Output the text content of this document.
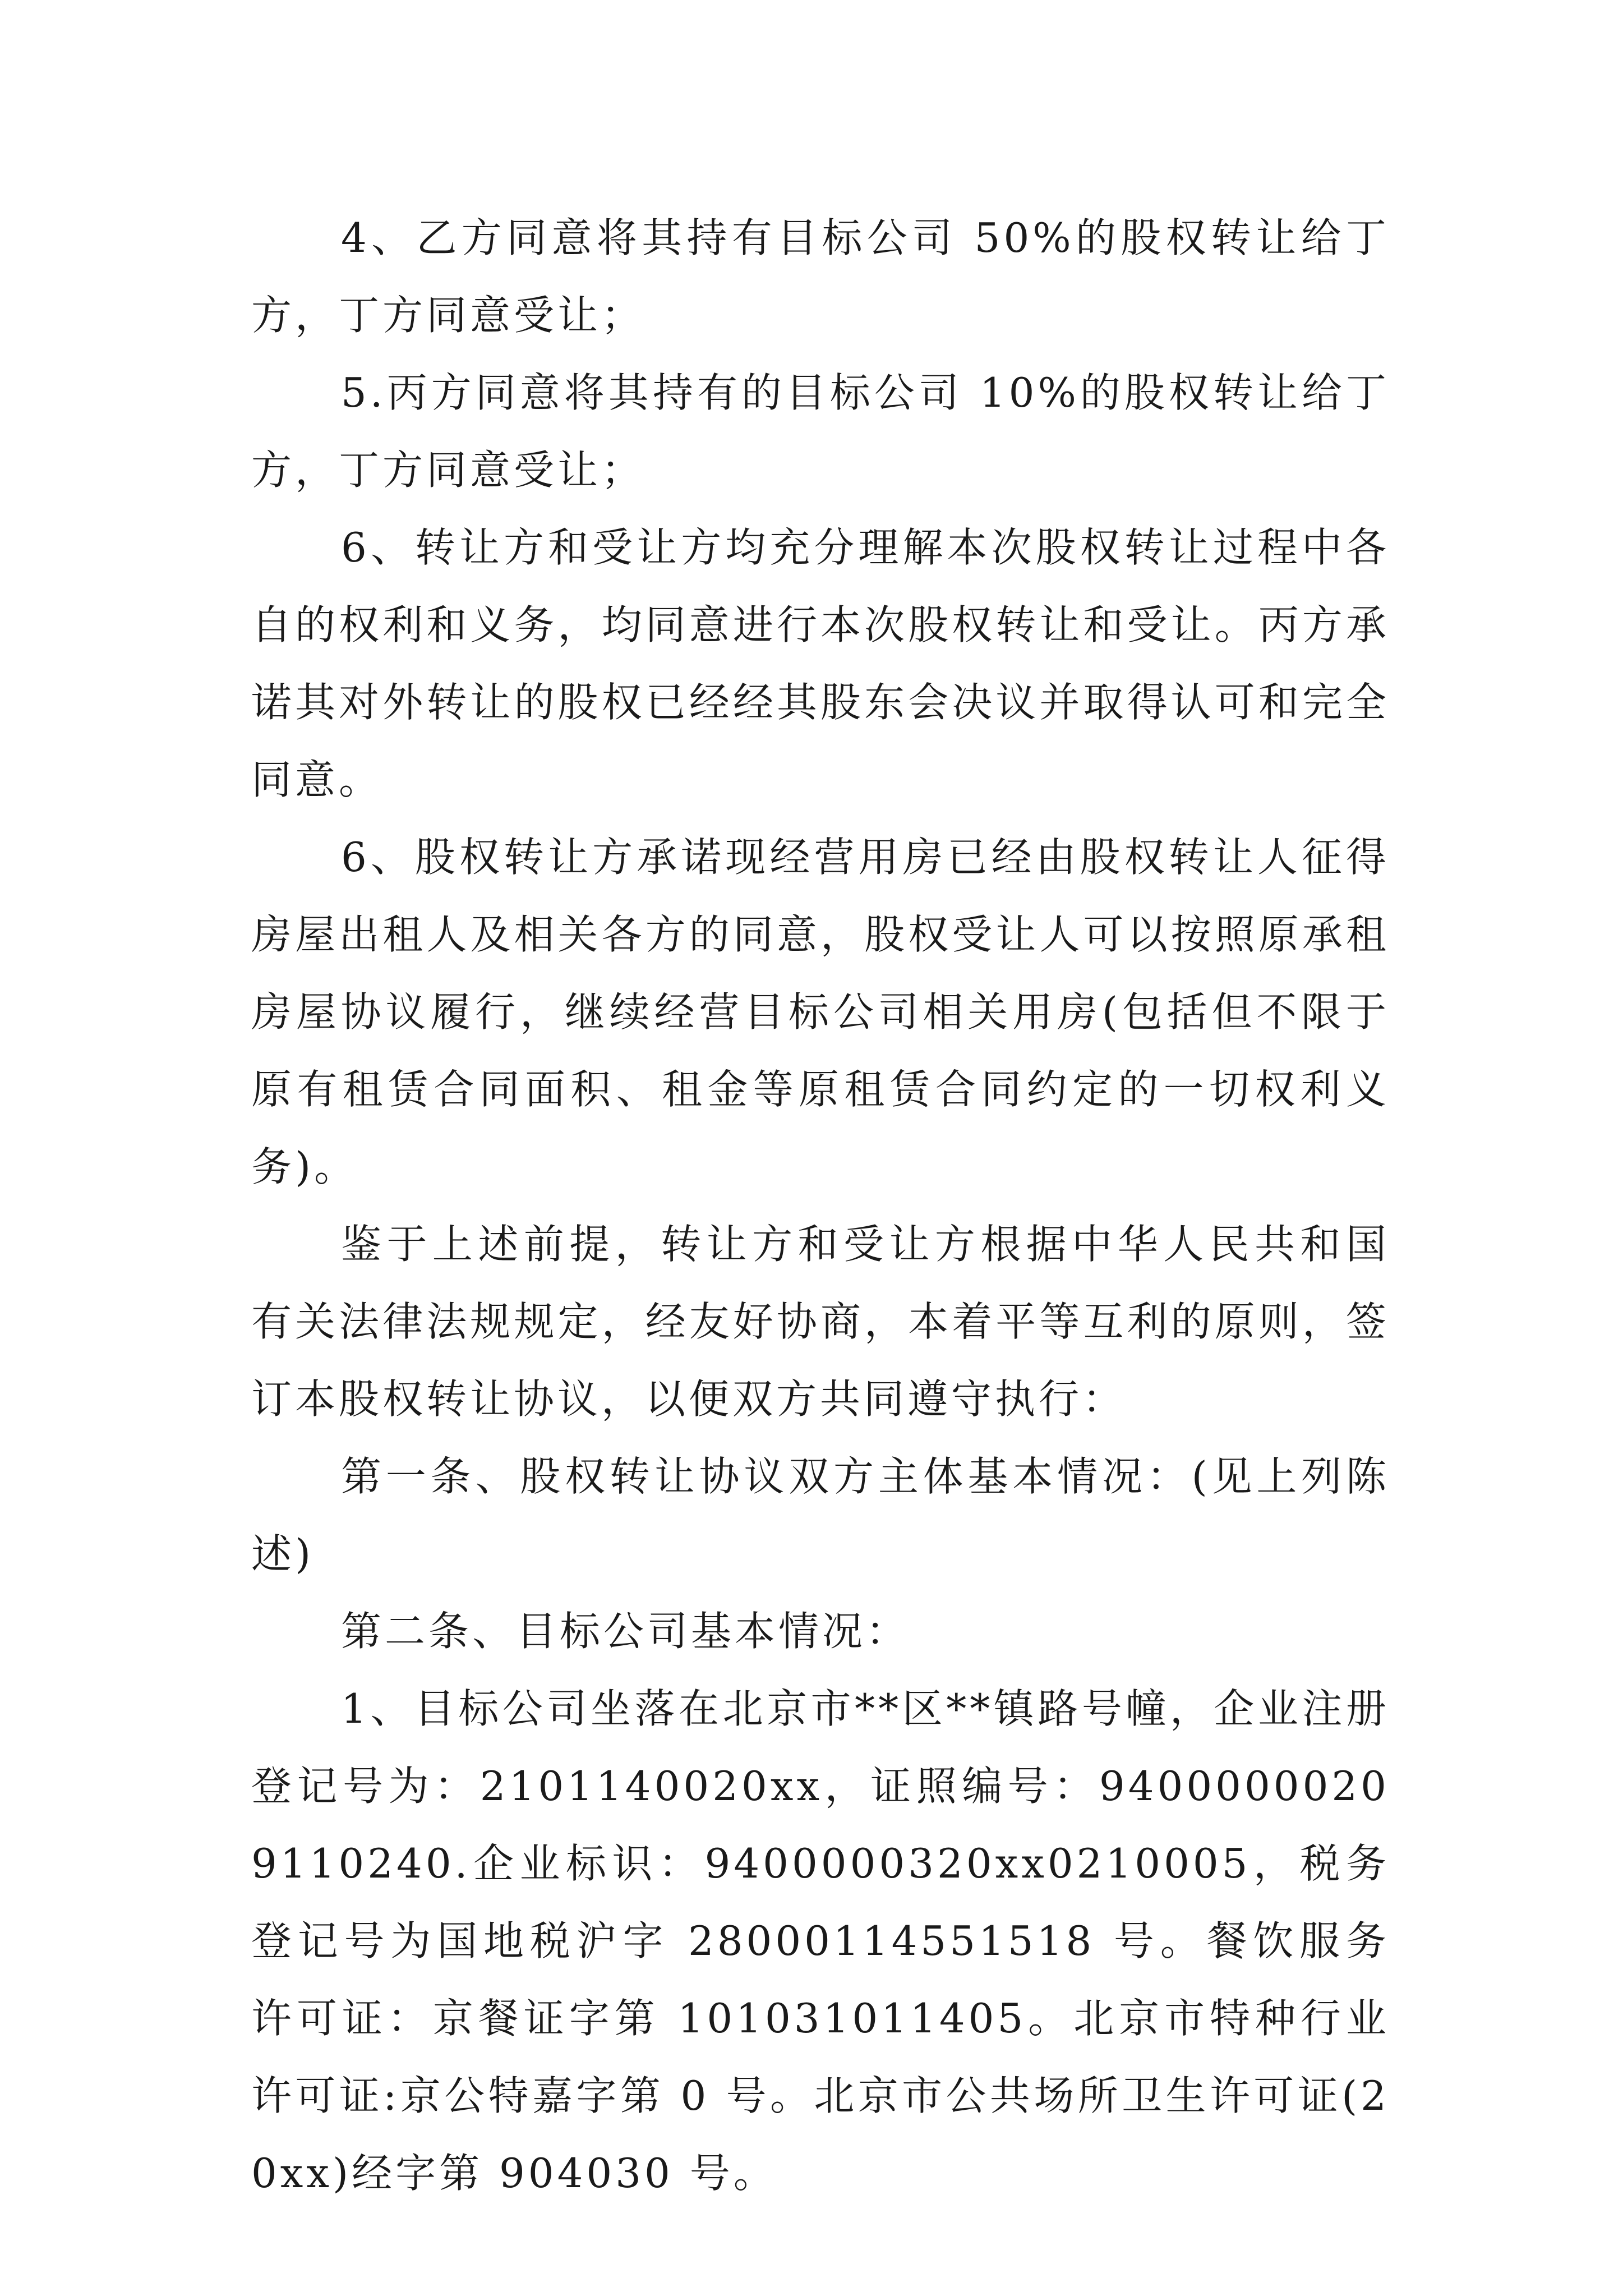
4、乙方同意将其持有目标公司 50%的股权转让给丁方，丁方同意受让；

5.丙方同意将其持有的目标公司 10%的股权转让给丁方，丁方同意受让；

6、转让方和受让方均充分理解本次股权转让过程中各自的权利和义务，均同意进行本次股权转让和受让。丙方承诺其对外转让的股权已经经其股东会决议并取得认可和完全同意。

6、股权转让方承诺现经营用房已经由股权转让人征得房屋出租人及相关各方的同意，股权受让人可以按照原承租房屋协议履行，继续经营目标公司相关用房(包括但不限于原有租赁合同面积、租金等原租赁合同约定的一切权利义务)。

鉴于上述前提，转让方和受让方根据中华人民共和国有关法律法规规定，经友好协商，本着平等互利的原则，签订本股权转让协议，以便双方共同遵守执行：

第一条、股权转让协议双方主体基本情况：(见上列陈述)

第二条、目标公司基本情况：

1、目标公司坐落在北京市**区**镇路号幢，企业注册登记号为：2101140020xx，证照编号：94000000209110240.企业标识：9400000320xx0210005，税务登记号为国地税沪字 28000114551518 号。餐饮服务许可证：京餐证字第 101031011405。北京市特种行业许可证:京公特嘉字第 0 号。北京市公共场所卫生许可证(20xx)经字第 904030 号。
